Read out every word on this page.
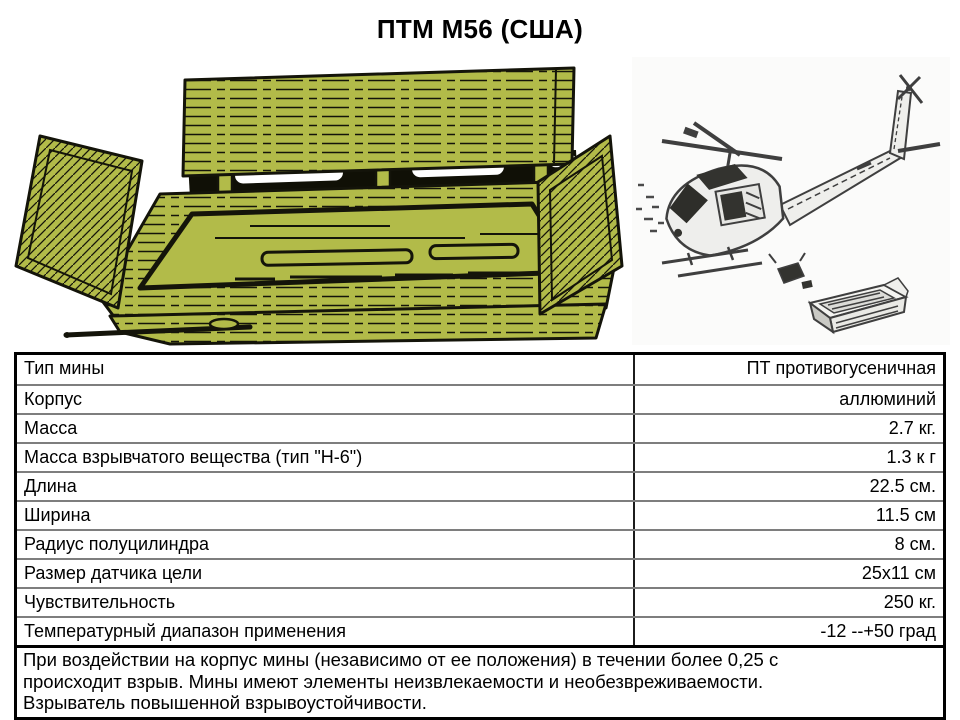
ПТМ М56 (США)
Тип мины	ПТ противогусеничная
Корпус	аллюминий
Масса	2.7 кг.
Масса взрывчатого вещества (тип "Н-6")	1.3 к г
Длина	22.5 см.
Ширина	11.5 см
Радиус полуцилиндра	8 см.
Размер датчика цели	25х11 см
Чувствительность	250 кг.
Температурный диапазон применения	-12 --+50 град
При воздействии на корпус мины (независимо от ее положения) в течении более 0,25 с
происходит взрыв. Мины имеют элементы неизвлекаемости и необезвреживаемости.
Взрыватель повышенной взрывоустойчивости.
